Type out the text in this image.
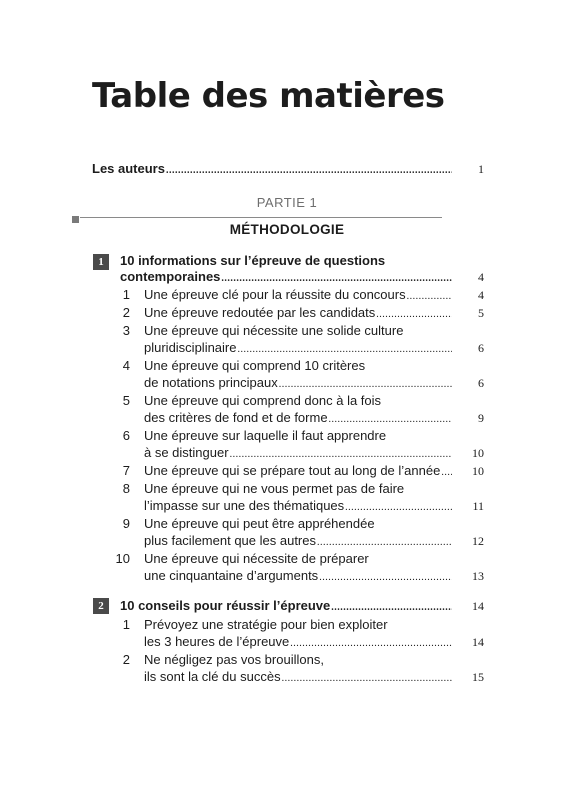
Table des matières
Les auteurs .....	1
PARTIE 1
MÉTHODOLOGIE
1	10 informations sur l’épreuve de questions
contemporaines .....	4
1 Une épreuve clé pour la réussite du concours .....	4
2 Une épreuve redoutée par les candidats .....	5
3 Une épreuve qui nécessite une solide culture
pluridisciplinaire .....	6
4 Une épreuve qui comprend 10 critères
de notations principaux .....	6
5 Une épreuve qui comprend donc à la fois
des critères de fond et de forme .....	9
6 Une épreuve sur laquelle il faut apprendre
à se distinguer .....	10
7 Une épreuve qui se prépare tout au long de l’année .....	10
8 Une épreuve qui ne vous permet pas de faire
l’impasse sur une des thématiques .....	11
9 Une épreuve qui peut être appréhendée
plus facilement que les autres .....	12
10 Une épreuve qui nécessite de préparer
une cinquantaine d’arguments .....	13
2	10 conseils pour réussir l’épreuve .....	14
1 Prévoyez une stratégie pour bien exploiter
les 3 heures de l’épreuve .....	14
2 Ne négligez pas vos brouillons,
ils sont la clé du succès .....	15
